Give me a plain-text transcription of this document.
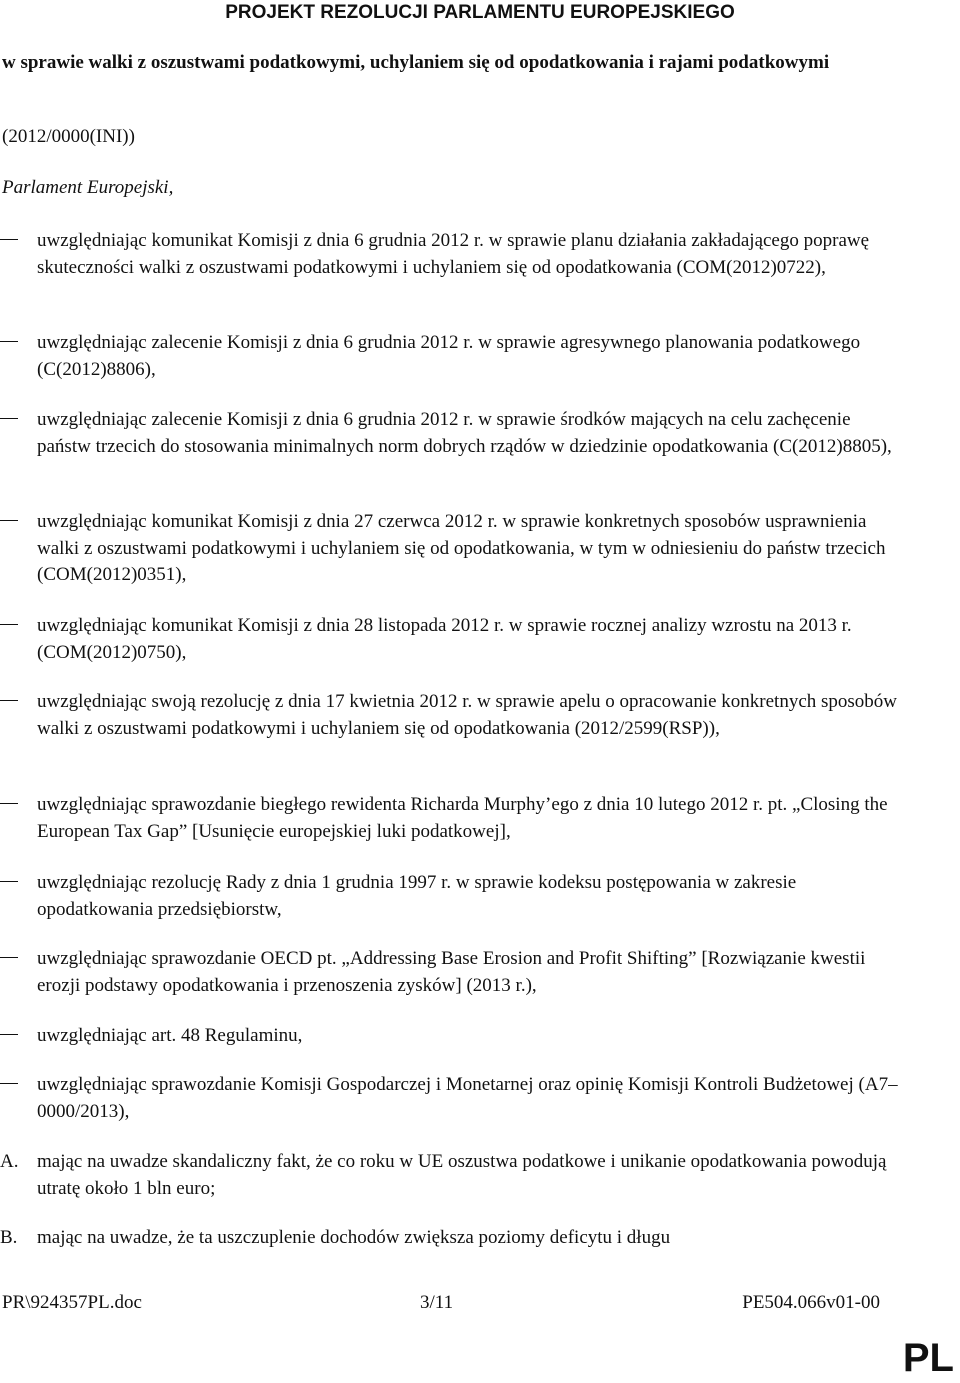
PROJEKT REZOLUCJI PARLAMENTU EUROPEJSKIEGO
w sprawie walki z oszustwami podatkowymi, uchylaniem się od opodatkowania i rajami podatkowymi
(2012/0000(INI))
Parlament Europejski,
uwzględniając komunikat Komisji z dnia 6 grudnia 2012 r. w sprawie planu działania zakładającego poprawę skuteczności walki z oszustwami podatkowymi i uchylaniem się od opodatkowania (COM(2012)0722),
uwzględniając zalecenie Komisji z dnia 6 grudnia 2012 r. w sprawie agresywnego planowania podatkowego (C(2012)8806),
uwzględniając zalecenie Komisji z dnia 6 grudnia 2012 r. w sprawie środków mających na celu zachęcenie państw trzecich do stosowania minimalnych norm dobrych rządów w dziedzinie opodatkowania (C(2012)8805),
uwzględniając komunikat Komisji z dnia 27 czerwca 2012 r. w sprawie konkretnych sposobów usprawnienia walki z oszustwami podatkowymi i uchylaniem się od opodatkowania, w tym w odniesieniu do państw trzecich (COM(2012)0351),
uwzględniając komunikat Komisji z dnia 28 listopada 2012 r. w sprawie rocznej analizy wzrostu na 2013 r. (COM(2012)0750),
uwzględniając swoją rezolucję z dnia 17 kwietnia 2012 r. w sprawie apelu o opracowanie konkretnych sposobów walki z oszustwami podatkowymi i uchylaniem się od opodatkowania (2012/2599(RSP)),
uwzględniając sprawozdanie biegłego rewidenta Richarda Murphy’ego z dnia 10 lutego 2012 r. pt. „Closing the European Tax Gap” [Usunięcie europejskiej luki podatkowej],
uwzględniając rezolucję Rady z dnia 1 grudnia 1997 r. w sprawie kodeksu postępowania w zakresie opodatkowania przedsiębiorstw,
uwzględniając sprawozdanie OECD pt. „Addressing Base Erosion and Profit Shifting” [Rozwiązanie kwestii erozji podstawy opodatkowania i przenoszenia zysków] (2013 r.),
uwzględniając art. 48 Regulaminu,
uwzględniając sprawozdanie Komisji Gospodarczej i Monetarnej oraz opinię Komisji Kontroli Budżetowej (A7–0000/2013),
A. mając na uwadze skandaliczny fakt, że co roku w UE oszustwa podatkowe i unikanie opodatkowania powodują utratę około 1 bln euro;
B.	mając na uwadze, że ta uszczuplenie dochodów zwiększa poziomy deficytu i długu
PR\924357PL.doc	3/11	PE504.066v01-00
PL
